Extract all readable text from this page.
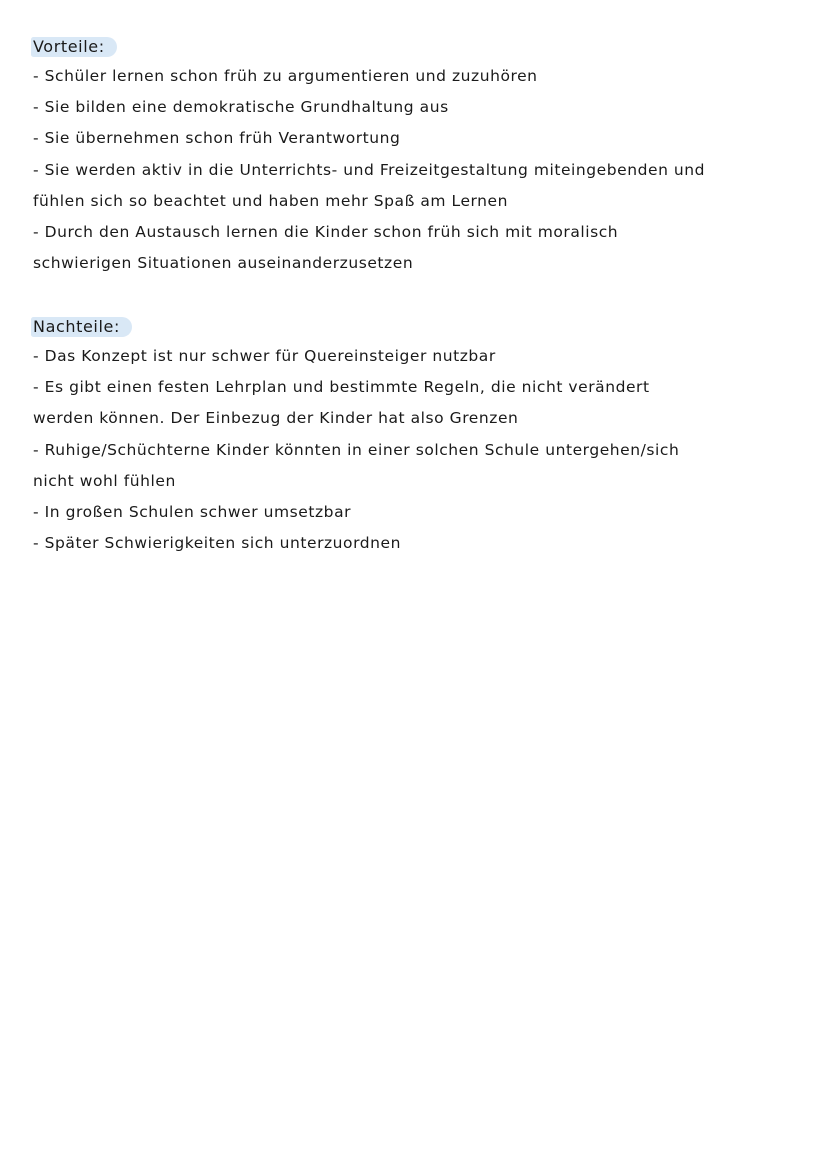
Vorteile:
- Schüler lernen schon früh zu argumentieren und zuzuhören
- Sie bilden eine demokratische Grundhaltung aus
- Sie übernehmen schon früh Verantwortung
- Sie werden aktiv in die Unterrichts- und Freizeitgestaltung miteingebenden und
fühlen sich so beachtet und haben mehr Spaß am Lernen
- Durch den Austausch lernen die Kinder schon früh sich mit moralisch
schwierigen Situationen auseinanderzusetzen
Nachteile:
- Das Konzept ist nur schwer für Quereinsteiger nutzbar
- Es gibt einen festen Lehrplan und bestimmte Regeln, die nicht verändert
werden können. Der Einbezug der Kinder hat also Grenzen
- Ruhige/Schüchterne Kinder könnten in einer solchen Schule untergehen/sich
nicht wohl fühlen
- In großen Schulen schwer umsetzbar
- Später Schwierigkeiten sich unterzuordnen
